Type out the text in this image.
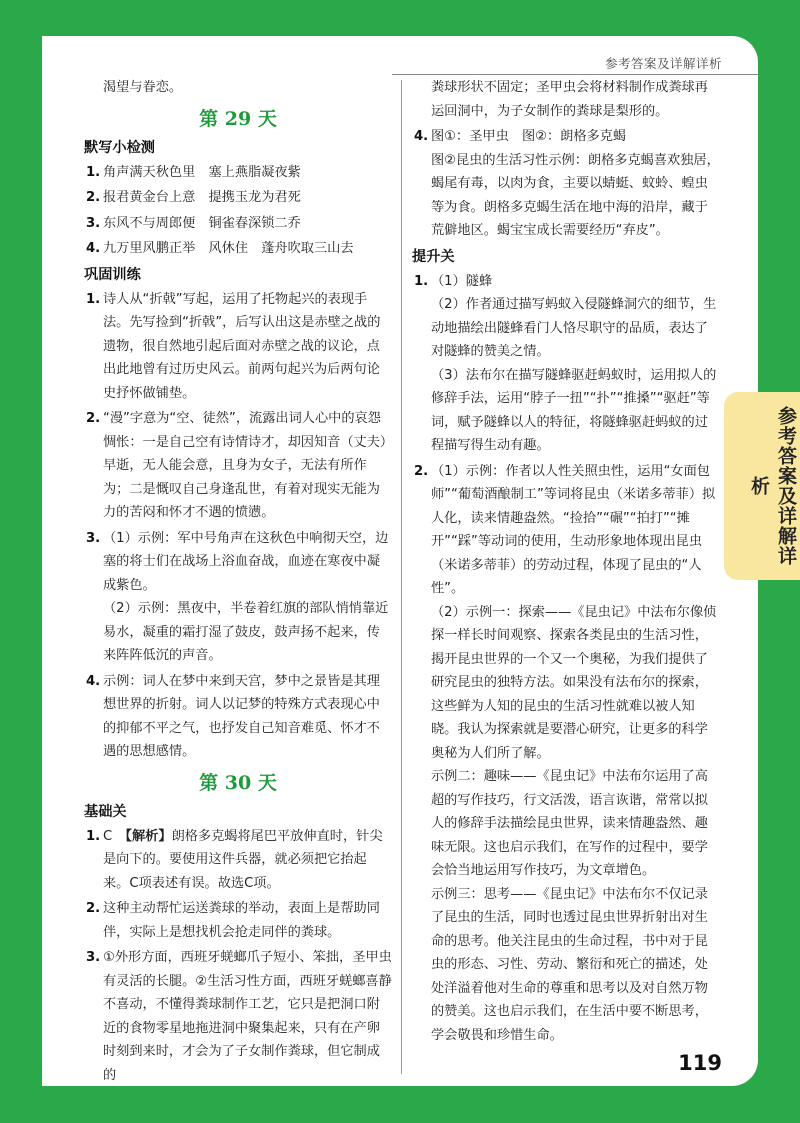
参考答案及详解详析

渴望与眷恋。

第 29 天
默写小检测
1. 角声满天秋色里　塞上燕脂凝夜紫

2. 报君黄金台上意　提携玉龙为君死

3. 东风不与周郎便　铜雀春深锁二乔

4. 九万里风鹏正举　风休住　蓬舟吹取三山去

巩固训练
1. 诗人从“折戟”写起，运用了托物起兴的表现手法。先写捡到“折戟”，后写认出这是赤壁之战的遗物，很自然地引起后面对赤壁之战的议论，点出此地曾有过历史风云。前两句起兴为后两句论史抒怀做铺垫。

2. “漫”字意为“空、徒然”，流露出词人心中的哀怨惆怅：一是自己空有诗情诗才，却因知音（丈夫）早逝，无人能会意，且身为女子，无法有所作为；二是慨叹自己身逢乱世，有着对现实无能为力的苦闷和怀才不遇的愤懑。

3. （1）示例：军中号角声在这秋色中响彻天空，边塞的将士们在战场上浴血奋战，血迹在寒夜中凝成紫色。

（2）示例：黑夜中，半卷着红旗的部队悄悄靠近易水，凝重的霜打湿了鼓皮，鼓声扬不起来，传来阵阵低沉的声音。

4. 示例：词人在梦中来到天宫，梦中之景皆是其理想世界的折射。词人以记梦的特殊方式表现心中的抑郁不平之气，也抒发自己知音难觅、怀才不遇的思想感情。

第 30 天
基础关
1. C　 【解析】朗格多克蝎将尾巴平放伸直时，针尖是向下的。要使用这件兵器，就必须把它抬起来。C项表述有误。故选C项。

2. 这种主动帮忙运送粪球的举动，表面上是帮助同伴，实际上是想找机会抢走同伴的粪球。

3. ①外形方面，西班牙蜣螂爪子短小、笨拙，圣甲虫有灵活的长腿。②生活习性方面，西班牙蜣螂喜静不喜动，不懂得粪球制作工艺，它只是把洞口附近的食物零星地拖进洞中聚集起来，只有在产卵时刻到来时，才会为了子女制作粪球，但它制成的

粪球形状不固定；圣甲虫会将材料制作成粪球再运回洞中，为子女制作的粪球是梨形的。

4. 图①：圣甲虫　图②：朗格多克蝎

图②昆虫的生活习性示例：朗格多克蝎喜欢独居，蝎尾有毒，以肉为食，主要以蜻蜓、蚊蛉、蝗虫等为食。朗格多克蝎生活在地中海的沿岸，藏于荒僻地区。蝎宝宝成长需要经历“弃皮”。

提升关
1. （1）隧蜂

（2）作者通过描写蚂蚁入侵隧蜂洞穴的细节，生动地描绘出隧蜂看门人恪尽职守的品质，表达了对隧蜂的赞美之情。

（3）法布尔在描写隧蜂驱赶蚂蚁时，运用拟人的修辞手法，运用“脖子一扭”“扑”“推搡”“驱赶”等词，赋予隧蜂以人的特征，将隧蜂驱赶蚂蚁的过程描写得生动有趣。

2. （1）示例：作者以人性关照虫性，运用“女面包师”“葡萄酒酿制工”等词将昆虫（米诺多蒂菲）拟人化，读来情趣盎然。“捡拾”“碾”“拍打”“摊开”“踩”等动词的使用，生动形象地体现出昆虫（米诺多蒂菲）的劳动过程，体现了昆虫的“人性”。

（2）示例一：探索——《昆虫记》中法布尔像侦探一样长时间观察、探索各类昆虫的生活习性，揭开昆虫世界的一个又一个奥秘，为我们提供了研究昆虫的独特方法。如果没有法布尔的探索，这些鲜为人知的昆虫的生活习性就难以被人知晓。我认为探索就是要潜心研究，让更多的科学奥秘为人们所了解。

示例二：趣味——《昆虫记》中法布尔运用了高超的写作技巧，行文活泼，语言诙谐，常常以拟人的修辞手法描绘昆虫世界，读来情趣盎然、趣味无限。这也启示我们，在写作的过程中，要学会恰当地运用写作技巧，为文章增色。

示例三：思考——《昆虫记》中法布尔不仅记录了昆虫的生活，同时也透过昆虫世界折射出对生命的思考。他关注昆虫的生命过程，书中对于昆虫的形态、习性、劳动、繁衍和死亡的描述，处处洋溢着他对生命的尊重和思考以及对自然万物的赞美。这也启示我们，在生活中要不断思考，学会敬畏和珍惜生命。

119
参考答案及详解详析
